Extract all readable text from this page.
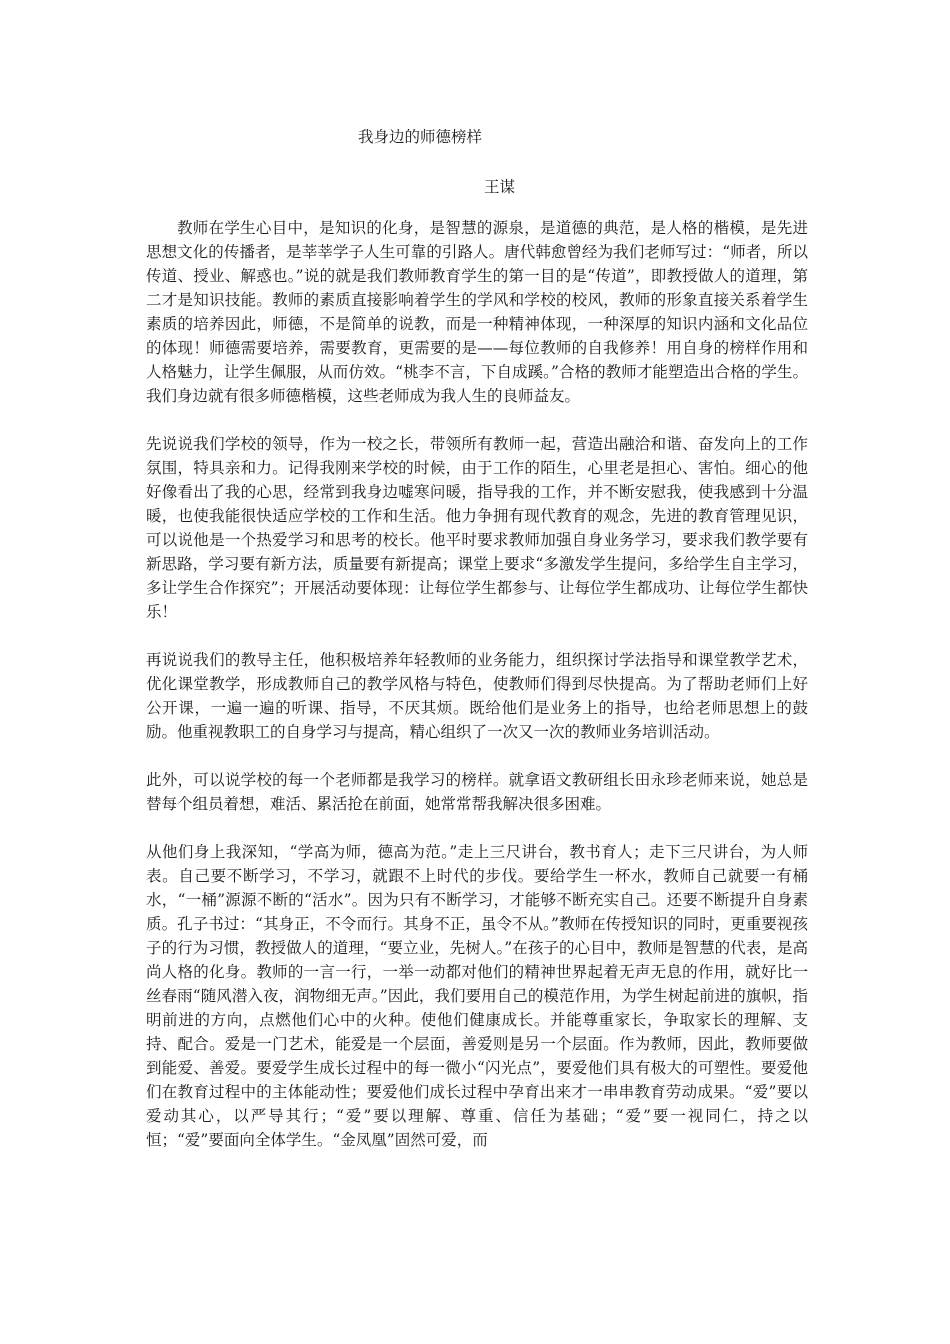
我身边的师德榜样
王谋

教师在学生心目中，是知识的化身，是智慧的源泉，是道德的典范，是人格的楷模，是先进思想文化的传播者，是莘莘学子人生可靠的引路人。唐代韩愈曾经为我们老师写过：“师者，所以传道、授业、解惑也。”说的就是我们教师教育学生的第一目的是“传道”，即教授做人的道理，第二才是知识技能。教师的素质直接影响着学生的学风和学校的校风，教师的形象直接关系着学生素质的培养因此，师德，不是简单的说教，而是一种精神体现，一种深厚的知识内涵和文化品位的体现！师德需要培养，需要教育，更需要的是——每位教师的自我修养！用自身的榜样作用和人格魅力，让学生佩服，从而仿效。“桃李不言，下自成蹊。”合格的教师才能塑造出合格的学生。我们身边就有很多师德楷模，这些老师成为我人生的良师益友。

先说说我们学校的领导，作为一校之长，带领所有教师一起，营造出融洽和谐、奋发向上的工作氛围，特具亲和力。记得我刚来学校的时候，由于工作的陌生，心里老是担心、害怕。细心的他好像看出了我的心思，经常到我身边嘘寒问暖，指导我的工作，并不断安慰我，使我感到十分温暖，也使我能很快适应学校的工作和生活。他力争拥有现代教育的观念，先进的教育管理见识，可以说他是一个热爱学习和思考的校长。他平时要求教师加强自身业务学习，要求我们教学要有新思路，学习要有新方法，质量要有新提高；课堂上要求“多激发学生提问，多给学生自主学习，多让学生合作探究”；开展活动要体现：让每位学生都参与、让每位学生都成功、让每位学生都快乐！

再说说我们的教导主任，他积极培养年轻教师的业务能力，组织探讨学法指导和课堂教学艺术，优化课堂教学，形成教师自己的教学风格与特色，使教师们得到尽快提高。为了帮助老师们上好公开课，一遍一遍的听课、指导，不厌其烦。既给他们是业务上的指导，也给老师思想上的鼓励。他重视教职工的自身学习与提高，精心组织了一次又一次的教师业务培训活动。

此外，可以说学校的每一个老师都是我学习的榜样。就拿语文教研组长田永珍老师来说，她总是替每个组员着想，难活、累活抢在前面，她常常帮我解决很多困难。

从他们身上我深知，“学高为师，德高为范。”走上三尺讲台，教书育人；走下三尺讲台，为人师表。自己要不断学习，不学习，就跟不上时代的步伐。要给学生一杯水，教师自己就要一有桶水，“一桶”源源不断的“活水”。因为只有不断学习，才能够不断充实自己。还要不断提升自身素质。孔子书过：“其身正，不令而行。其身不正，虽令不从。”教师在传授知识的同时，更重要视孩子的行为习惯，教授做人的道理，“要立业，先树人。”在孩子的心目中，教师是智慧的代表，是高尚人格的化身。教师的一言一行，一举一动都对他们的精神世界起着无声无息的作用，就好比一丝春雨“随风潜入夜，润物细无声。”因此，我们要用自己的模范作用，为学生树起前进的旗帜，指明前进的方向，点燃他们心中的火种。使他们健康成长。并能尊重家长，争取家长的理解、支持、配合。爱是一门艺术，能爱是一个层面，善爱则是另一个层面。作为教师，因此，教师要做到能爱、善爱。要爱学生成长过程中的每一微小“闪光点”，要爱他们具有极大的可塑性。要爱他们在教育过程中的主体能动性；要爱他们成长过程中孕育出来才一串串教育劳动成果。“爱”要以爱动其心，以严导其行；“爱”要以理解、尊重、信任为基础；“爱”要一视同仁，持之以恒；“爱”要面向全体学生。“金凤凰”固然可爱，而
